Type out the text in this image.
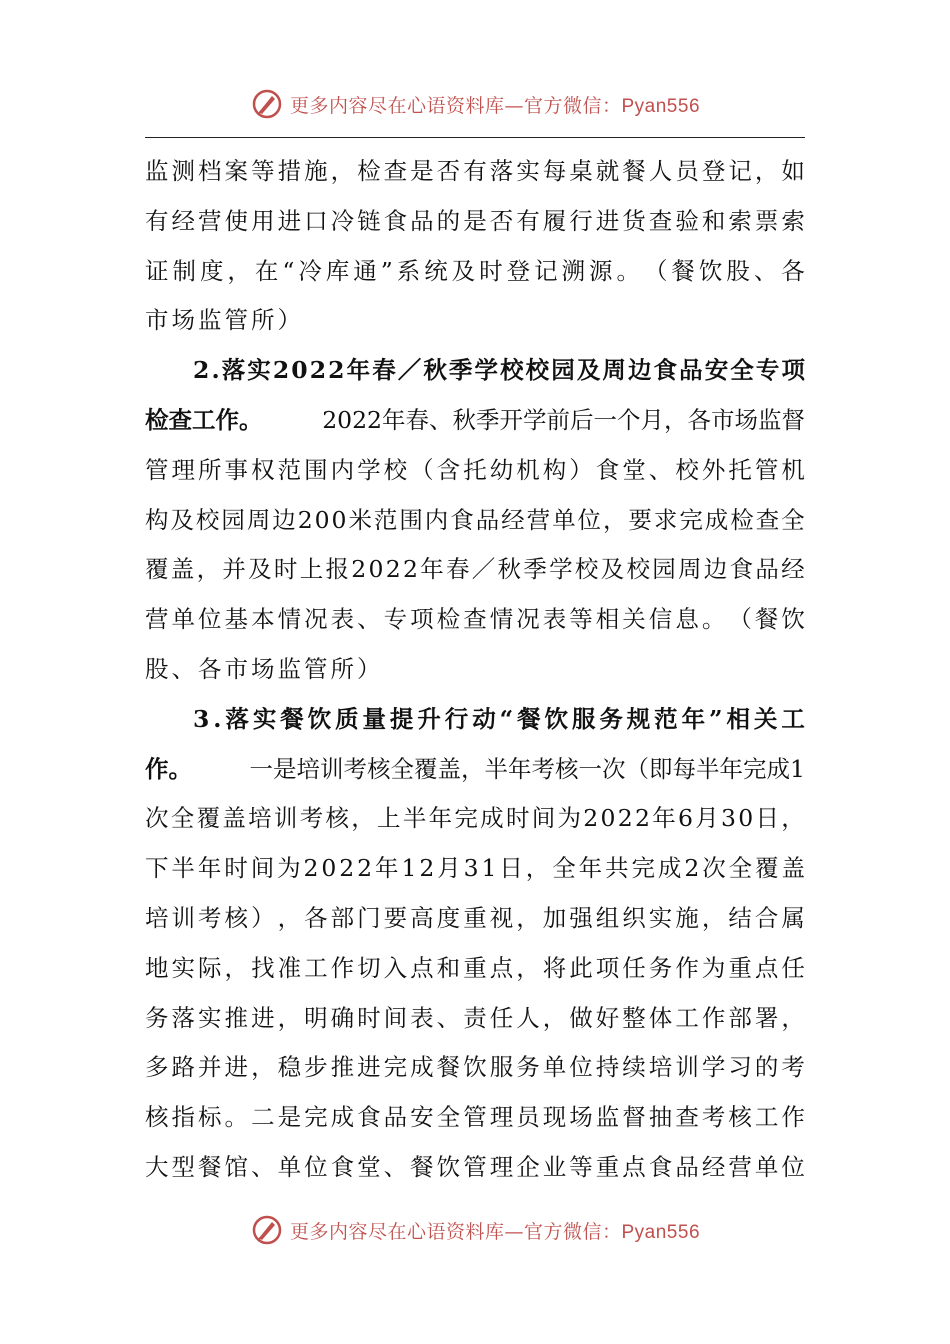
更多内容尽在心语资料库—官方微信：Pyan556
监 测 档 案 等 措 施 ， 检 查 是 否 有 落 实 每 桌 就 餐 人 员 登 记 ， 如
有 经 营 使 用 进 口 冷 链 食 品 的 是 否 有 履 行 进 货 查 验 和 索 票 索
证 制 度 ， 在 “ 冷 库 通 ” 系 统 及 时 登 记 溯 源 。 （ 餐 饮 股 、 各
市场监管所）
2 . 落 实 2 0 2 2 年 春 ／ 秋 季 学 校 校 园 及 周 边 食 品 安 全 专 项
检查工作。	2022年春、秋季开学前后一个月，各市场监督
管 理 所 事 权 范 围 内 学 校 （ 含 托 幼 机 构 ） 食 堂 、 校 外 托 管 机
构 及 校 园 周 边 2 0 0 米 范 围 内 食 品 经 营 单 位 ， 要 求 完 成 检 查 全
覆 盖 ， 并 及 时 上 报 2 0 2 2 年 春 ／ 秋 季 学 校 及 校 园 周 边 食 品 经
营 单 位 基 本 情 况 表 、 专 项 检 查 情 况 表 等 相 关 信 息 。 （ 餐 饮
股、各市场监管所）
3 . 落 实 餐 饮 质 量 提 升 行 动 “ 餐 饮 服 务 规 范 年 ” 相 关 工
作。 一是培训考核全覆盖，半年考核一次（即每半年完成1
次 全 覆 盖 培 训 考 核 ， 上 半 年 完 成 时 间 为 2 0 2 2 年 6 月 3 0 日 ，
下 半 年 时 间 为 2 0 2 2 年 1 2 月 3 1 日 ， 全 年 共 完 成 2 次 全 覆 盖
培 训 考 核 ） ， 各 部 门 要 高 度 重 视 ， 加 强 组 织 实 施 ， 结 合 属
地 实 际 ， 找 准 工 作 切 入 点 和 重 点 ， 将 此 项 任 务 作 为 重 点 任
务 落 实 推 进 ， 明 确 时 间 表 、 责 任 人 ， 做 好 整 体 工 作 部 署 ，
多 路 并 进 ， 稳 步 推 进 完 成 餐 饮 服 务 单 位 持 续 培 训 学 习 的 考
核 指 标 。 二 是 完 成 食 品 安 全 管 理 员 现 场 监 督 抽 查 考 核 工 作
大 型 餐 馆 、 单 位 食 堂 、 餐 饮 管 理 企 业 等 重 点 食 品 经 营 单 位
更多内容尽在心语资料库—官方微信：Pyan556
